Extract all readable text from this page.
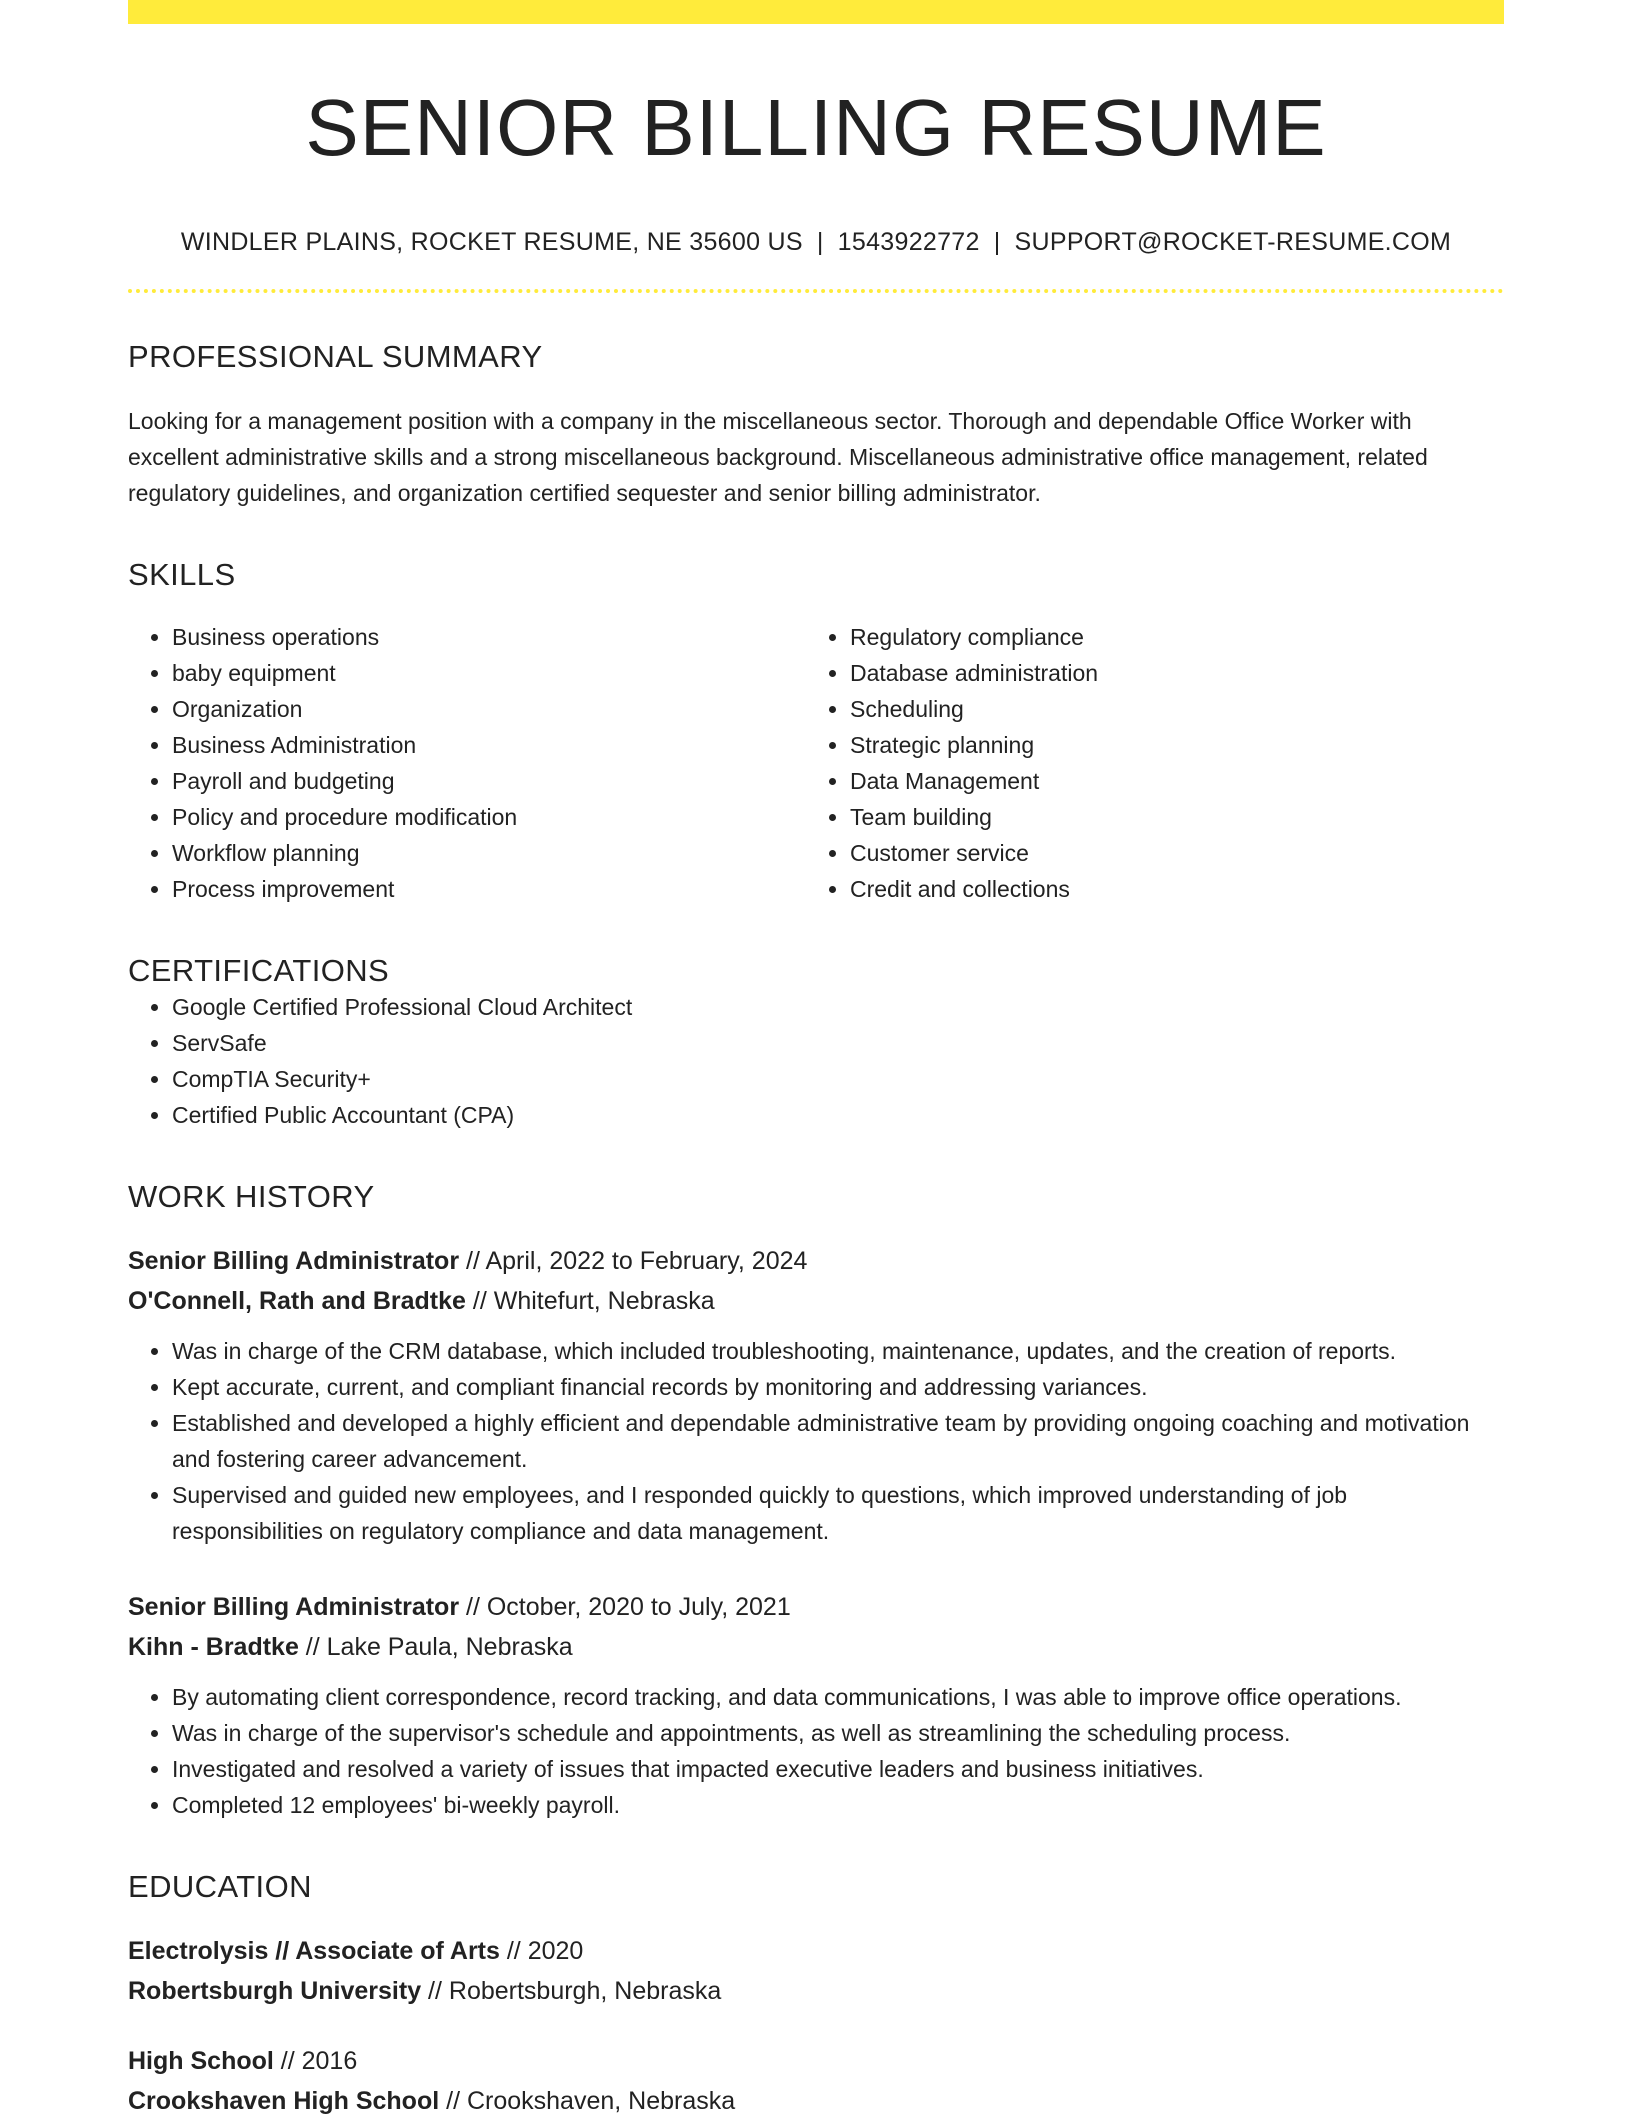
SENIOR BILLING RESUME
WINDLER PLAINS, ROCKET RESUME, NE 35600 US | 1543922772 | SUPPORT@ROCKET-RESUME.COM
PROFESSIONAL SUMMARY

Looking for a management position with a company in the miscellaneous sector. Thorough and dependable Office Worker with excellent administrative skills and a strong miscellaneous background. Miscellaneous administrative office management, related regulatory guidelines, and organization certified sequester and senior billing administrator.

SKILLS
• Business operations
• baby equipment
• Organization
• Business Administration
• Payroll and budgeting
• Policy and procedure modification
• Workflow planning
• Process improvement
• Regulatory compliance
• Database administration
• Scheduling
• Strategic planning
• Data Management
• Team building
• Customer service
• Credit and collections
CERTIFICATIONS
• Google Certified Professional Cloud Architect
• ServSafe
• CompTIA Security+
• Certified Public Accountant (CPA)
WORK HISTORY
Senior Billing Administrator // April, 2022 to February, 2024
O'Connell, Rath and Bradtke // Whitefurt, Nebraska
• Was in charge of the CRM database, which included troubleshooting, maintenance, updates, and the creation of reports.
• Kept accurate, current, and compliant financial records by monitoring and addressing variances.
• Established and developed a highly efficient and dependable administrative team by providing ongoing coaching and motivation and fostering career advancement.
• Supervised and guided new employees, and I responded quickly to questions, which improved understanding of job responsibilities on regulatory compliance and data management.
Senior Billing Administrator // October, 2020 to July, 2021
Kihn - Bradtke // Lake Paula, Nebraska
• By automating client correspondence, record tracking, and data communications, I was able to improve office operations.
• Was in charge of the supervisor's schedule and appointments, as well as streamlining the scheduling process.
• Investigated and resolved a variety of issues that impacted executive leaders and business initiatives.
• Completed 12 employees' bi-weekly payroll.
EDUCATION
Electrolysis // Associate of Arts // 2020
Robertsburgh University // Robertsburgh, Nebraska
High School // 2016
Crookshaven High School // Crookshaven, Nebraska
